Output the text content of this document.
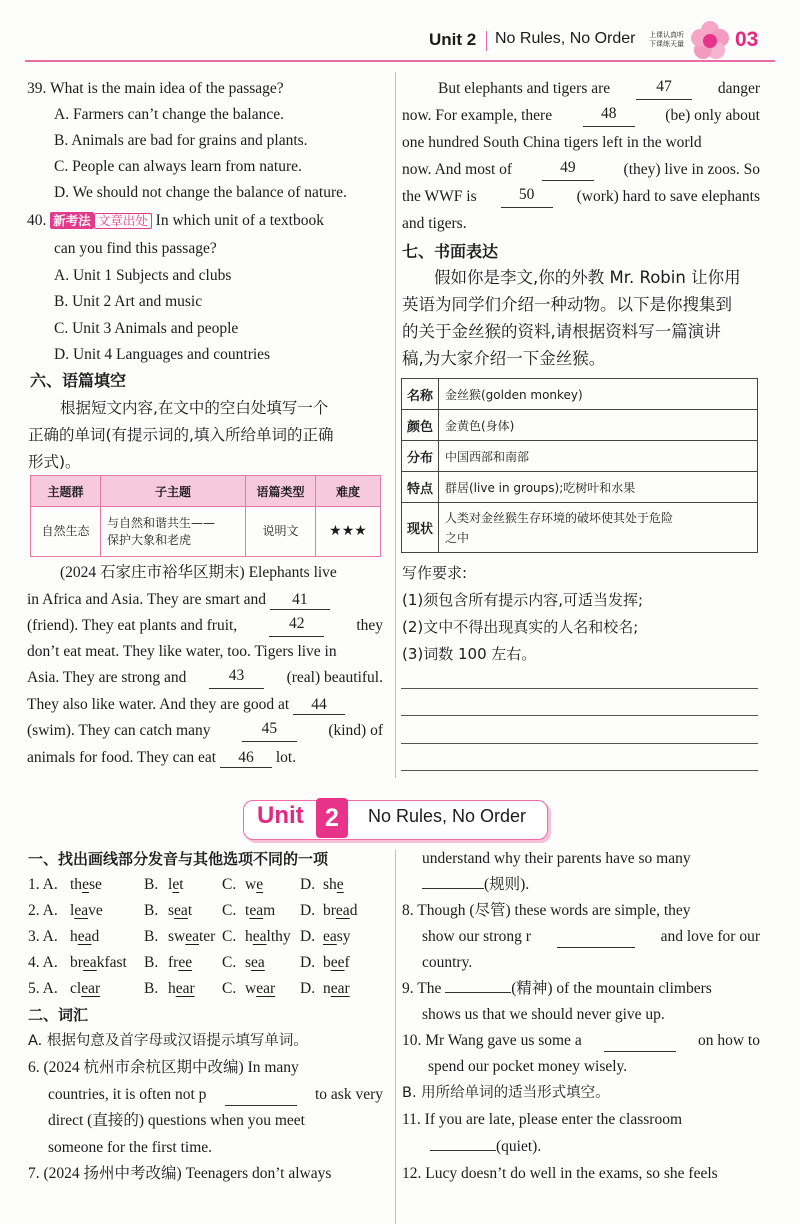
Unit 2 No Rules, No Order 上课认真听
下课练天量	03
39. What is the main idea of the passage?
A. Farmers can’t change the balance.
B. Animals are bad for grains and plants.
C. People can always learn from nature.
D. We should not change the balance of nature.
40. 新考法 文章出处 In which unit of a textbook
can you find this passage?
A. Unit 1 Subjects and clubs
B. Unit 2 Art and music
C. Unit 3 Animals and people
D. Unit 4 Languages and countries
六、语篇填空
根据短文内容,在文中的空白处填写一个
正确的单词(有提示词的,填入所给单词的正确
形式)。
主题群	子主题	语篇类型	难度
自然生态	与自然和谐共生——
保护大象和老虎	说明文	★★★
(2024 石家庄市裕华区期末) Elephants live
in Africa and Asia. They are smart and 41
(friend). They eat plants and fruit,	42	they
don’t eat meat. They like water, too. Tigers live in
Asia. They are strong and	43	(real) beautiful.
They also like water. And they are good at 44
(swim). They can catch many	45	(kind) of
animals for food. They can eat 46 lot.
But elephants and tigers are	47	danger
now. For example, there	48	(be) only about
one hundred South China tigers left in the world
now. And most of	49	(they) live in zoos. So
the WWF is	50	(work) hard to save elephants
and tigers.
七、书面表达
假如你是李文,你的外教 Mr. Robin 让你用
英语为同学们介绍一种动物。以下是你搜集到
的关于金丝猴的资料,请根据资料写一篇演讲
稿,为大家介绍一下金丝猴。
名称	金丝猴(golden monkey)
颜色	金黄色(身体)
分布	中国西部和南部
特点	群居(live in groups);吃树叶和水果
现状	人类对金丝猴生存环境的破坏使其处于危险
之中
写作要求:
(1)须包含所有提示内容,可适当发挥;
(2)文中不得出现真实的人名和校名;
(3)词数 100 左右。
Unit 2	No Rules, No Order
一、找出画线部分发音与其他选项不同的一项
1. A. these	B. let C. we D. she
2. A. leave	B. seat C. team D. bread
3. A. head	B. sweater C. healthy D. easy
4. A. breakfast B. free C. sea D. beef
5. A. clear	B. hear C. wear D. near
二、词汇
A. 根据句意及首字母或汉语提示填写单词。
6. (2024 杭州市余杭区期中改编) In many
countries, it is often not p	to ask very
direct (直接的) questions when you meet
someone for the first time.
7. (2024 扬州中考改编) Teenagers don’t always
understand why their parents have so many
(规则).
8. Though (尽管) these words are simple, they
show our strong r	and love for our
country.
9. The	(精神) of the mountain climbers
shows us that we should never give up.
10. Mr Wang gave us some a	on how to
spend our pocket money wisely.
B. 用所给单词的适当形式填空。
11. If you are late, please enter the classroom
(quiet).
12. Lucy doesn’t do well in the exams, so she feels
